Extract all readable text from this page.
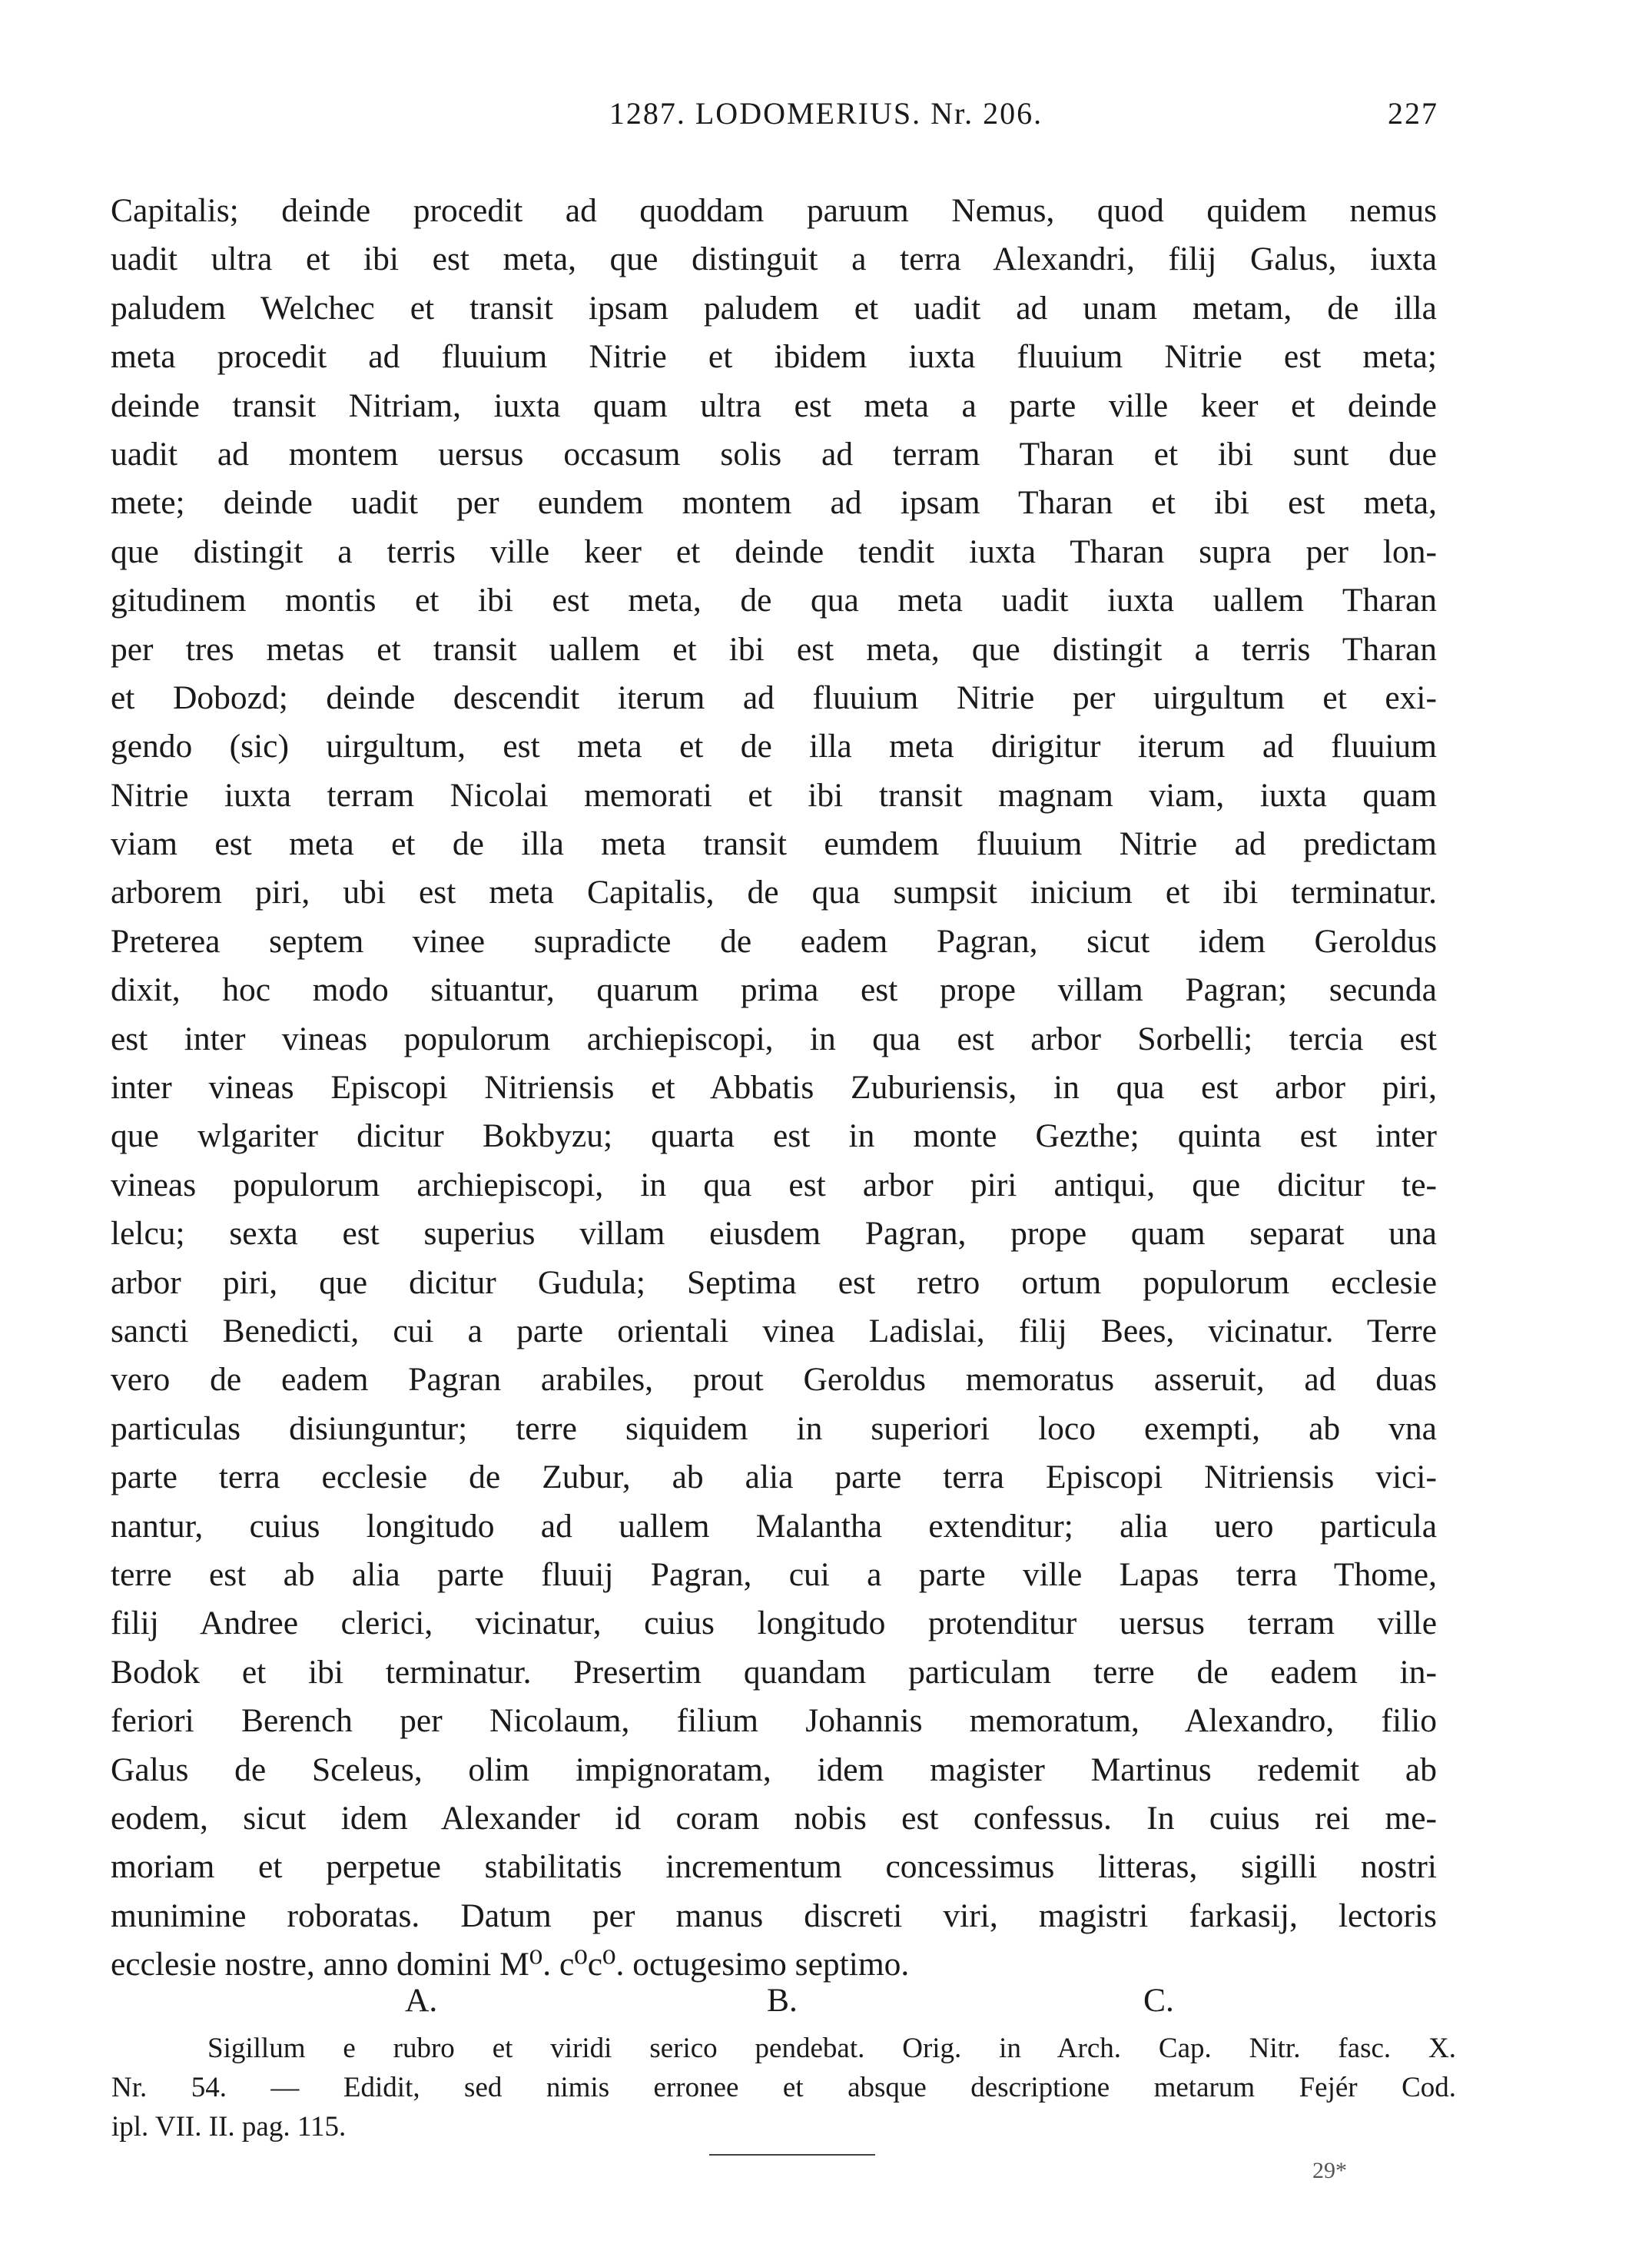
1287. LODOMERIUS. Nr. 206.	227
Capitalis; deinde procedit ad quoddam paruum Nemus, quod quidem nemus
uadit ultra et ibi est meta, que distinguit a terra Alexandri, filij Galus, iuxta
paludem Welchec et transit ipsam paludem et uadit ad unam metam, de illa
meta procedit ad fluuium Nitrie et ibidem iuxta fluuium Nitrie est meta;
deinde transit Nitriam, iuxta quam ultra est meta a parte ville keer et deinde
uadit ad montem uersus occasum solis ad terram Tharan et ibi sunt due
mete; deinde uadit per eundem montem ad ipsam Tharan et ibi est meta,
que distingit a terris ville keer et deinde tendit iuxta Tharan supra per lon-
gitudinem montis et ibi est meta, de qua meta uadit iuxta uallem Tharan
per tres metas et transit uallem et ibi est meta, que distingit a terris Tharan
et Dobozd; deinde descendit iterum ad fluuium Nitrie per uirgultum et exi-
gendo (sic) uirgultum, est meta et de illa meta dirigitur iterum ad fluuium
Nitrie iuxta terram Nicolai memorati et ibi transit magnam viam, iuxta quam
viam est meta et de illa meta transit eumdem fluuium Nitrie ad predictam
arborem piri, ubi est meta Capitalis, de qua sumpsit inicium et ibi terminatur.
Preterea septem vinee supradicte de eadem Pagran, sicut idem Geroldus
dixit, hoc modo situantur, quarum prima est prope villam Pagran; secunda
est inter vineas populorum archiepiscopi, in qua est arbor Sorbelli; tercia est
inter vineas Episcopi Nitriensis et Abbatis Zuburiensis, in qua est arbor piri,
que wlgariter dicitur Bokbyzu; quarta est in monte Gezthe; quinta est inter
vineas populorum archiepiscopi, in qua est arbor piri antiqui, que dicitur te-
lelcu; sexta est superius villam eiusdem Pagran, prope quam separat una
arbor piri, que dicitur Gudula; Septima est retro ortum populorum ecclesie
sancti Benedicti, cui a parte orientali vinea Ladislai, filij Bees, vicinatur. Terre
vero de eadem Pagran arabiles, prout Geroldus memoratus asseruit, ad duas
particulas disiunguntur; terre siquidem in superiori loco exempti, ab vna
parte terra ecclesie de Zubur, ab alia parte terra Episcopi Nitriensis vici-
nantur, cuius longitudo ad uallem Malantha extenditur; alia uero particula
terre est ab alia parte fluuij Pagran, cui a parte ville Lapas terra Thome,
filij Andree clerici, vicinatur, cuius longitudo protenditur uersus terram ville
Bodok et ibi terminatur. Presertim quandam particulam terre de eadem in-
feriori Berench per Nicolaum, filium Johannis memoratum, Alexandro, filio
Galus de Sceleus, olim impignoratam, idem magister Martinus redemit ab
eodem, sicut idem Alexander id coram nobis est confessus. In cuius rei me-
moriam et perpetue stabilitatis incrementum concessimus litteras, sigilli nostri
munimine roboratas. Datum per manus discreti viri, magistri farkasij, lectoris
ecclesie nostre, anno domini M⁰. c⁰c⁰. octugesimo septimo.
A.	B.	C.
Sigillum e rubro et viridi serico pendebat. Orig. in Arch. Cap. Nitr. fasc. X.
Nr. 54. — Edidit, sed nimis erronee et absque descriptione metarum Fejér Cod.
ipl. VII. II. pag. 115.
29*
